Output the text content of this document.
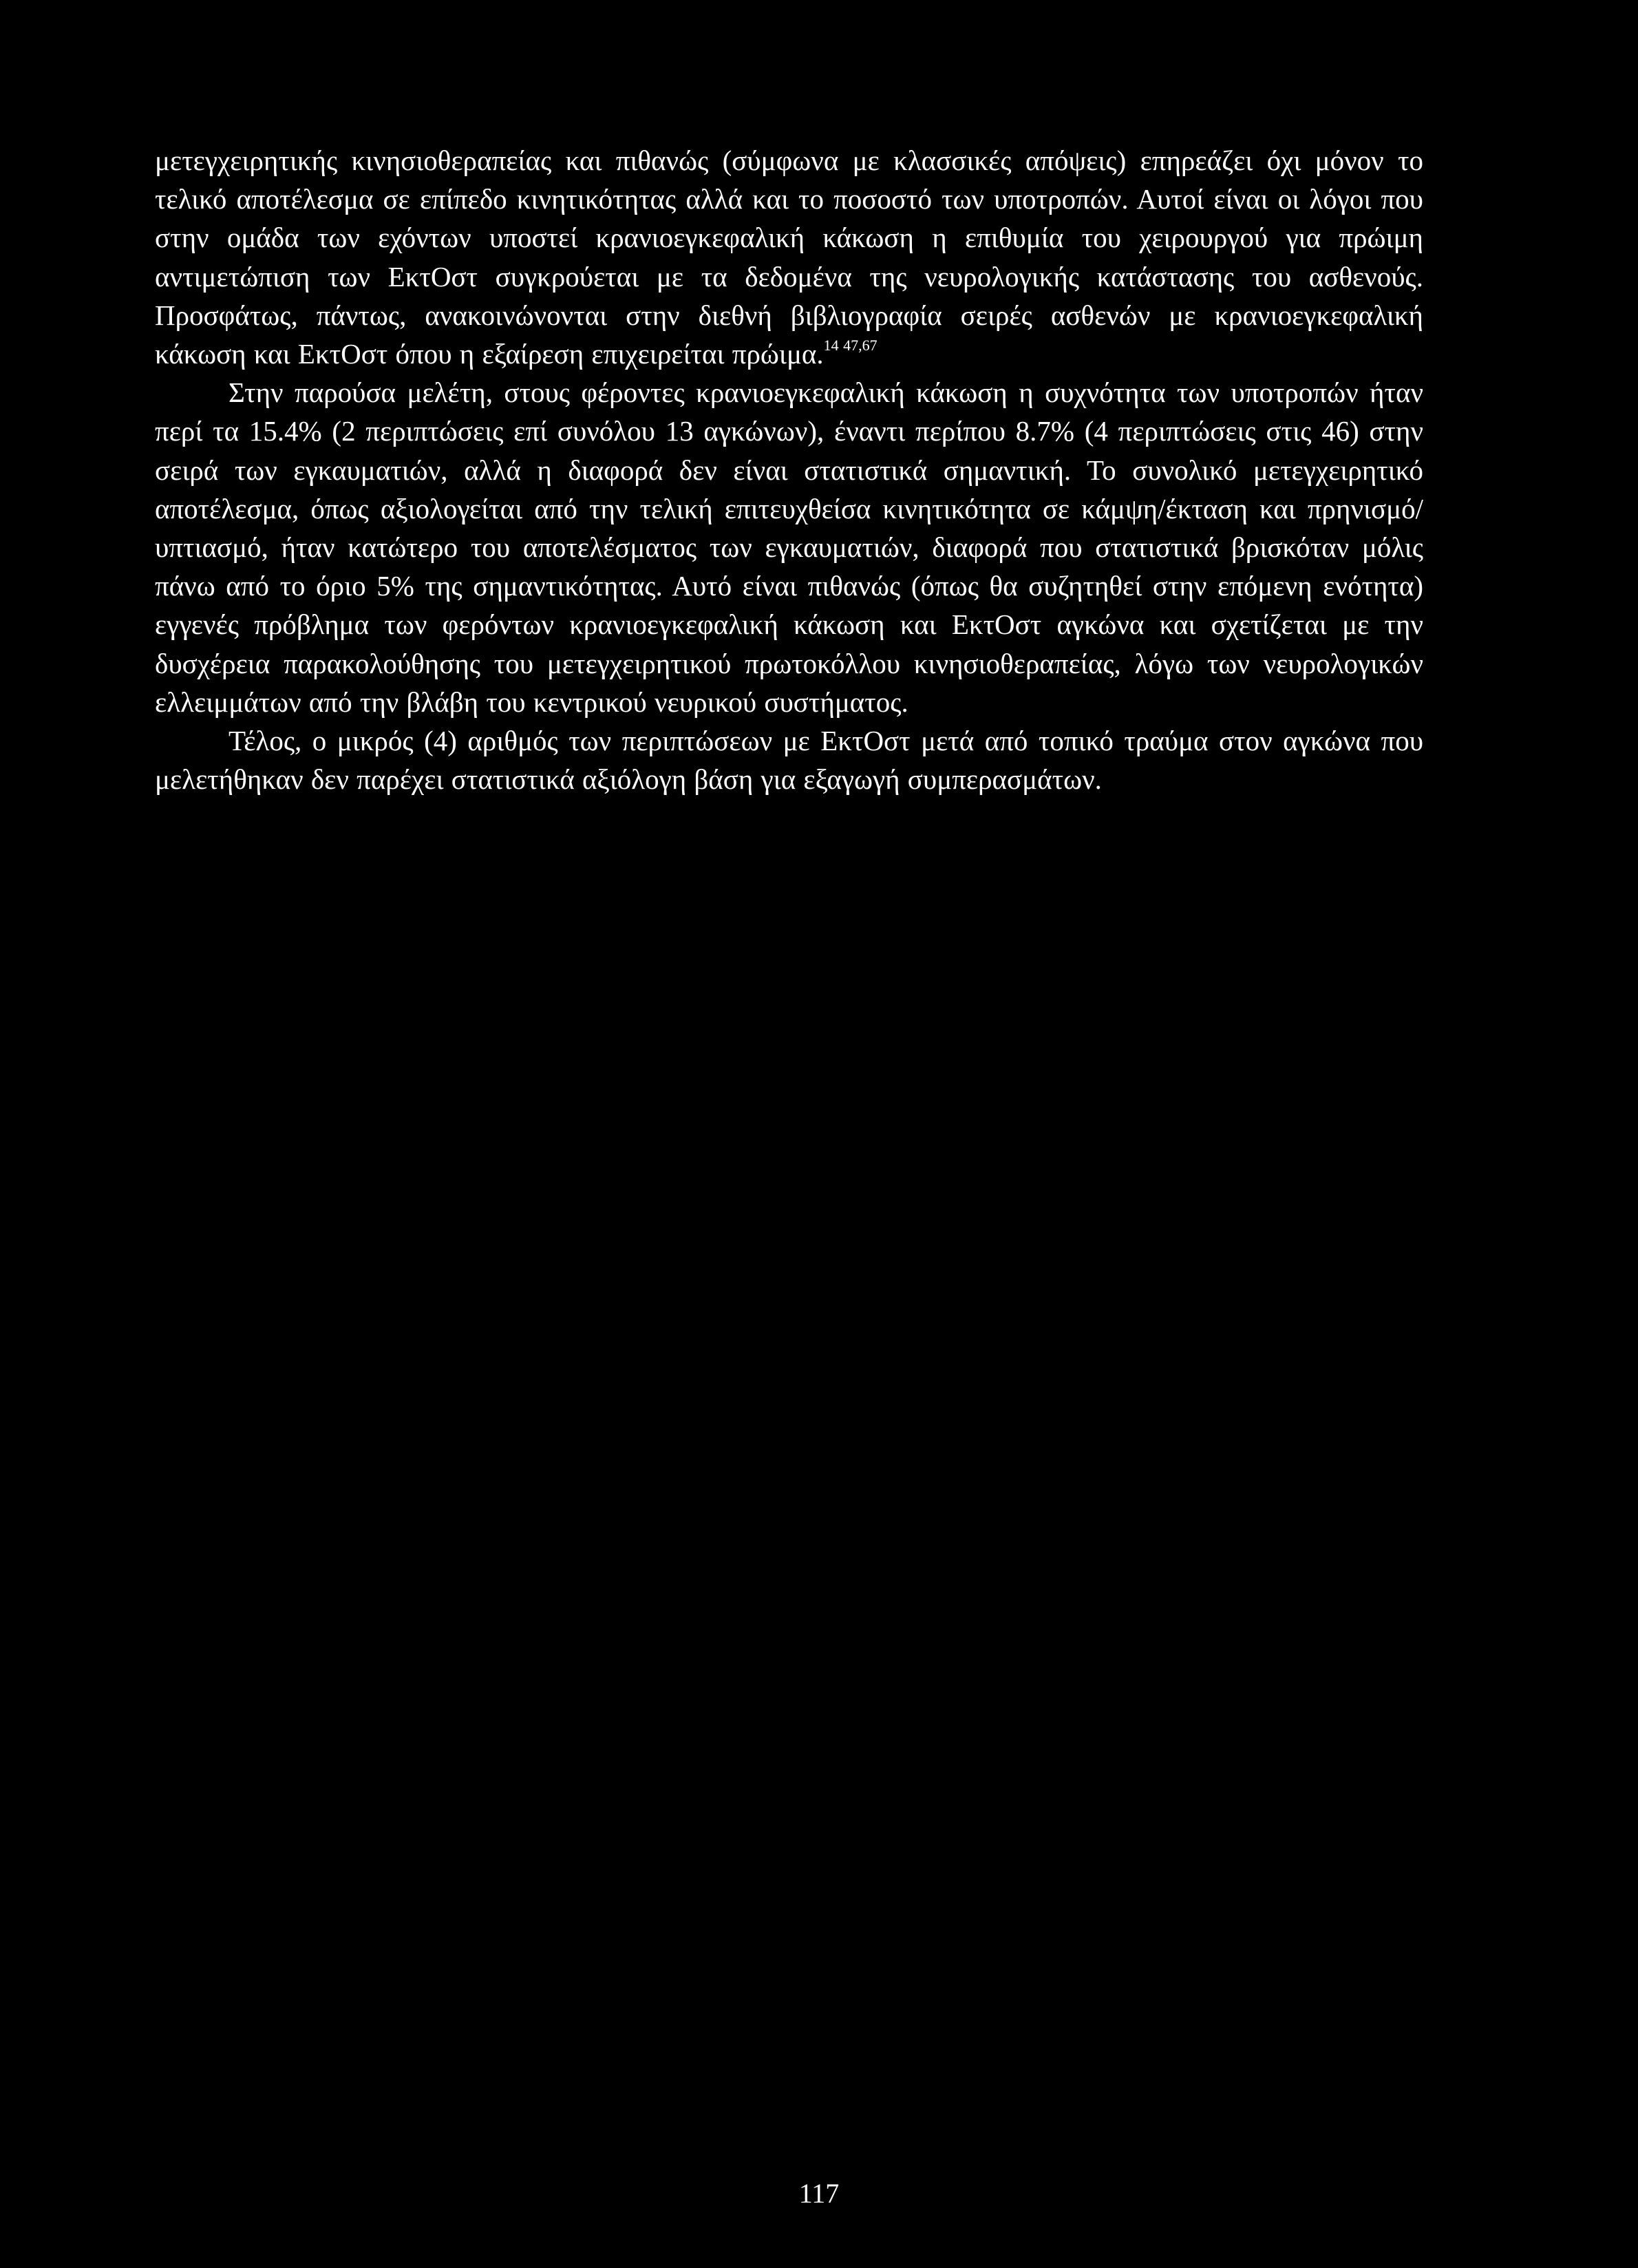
μετεγχειρητικής κινησιοθεραπείας και πιθανώς (σύμφωνα με κλασσικές απόψεις) επηρεάζει όχι μόνον το τελικό αποτέλεσμα σε επίπεδο κινητικότητας αλλά και το ποσοστό των υποτροπών. Αυτοί είναι οι λόγοι που στην ομάδα των εχόντων υποστεί κρανιοεγκεφαλική κάκωση η επιθυμία του χειρουργού για πρώιμη αντιμετώπιση των ΕκτΟστ συγκρούεται με τα δεδομένα της νευρολογικής κατάστασης του ασθενούς. Προσφάτως, πάντως, ανακοινώνονται στην διεθνή βιβλιογραφία σειρές ασθενών με κρανιοεγκεφαλική κάκωση και ΕκτΟστ όπου η εξαίρεση επιχειρείται πρώιμα.$^{14 47,67}$

Στην παρούσα μελέτη, στους φέροντες κρανιοεγκεφαλική κάκωση η συχνότητα των υποτροπών ήταν περί τα 15.4% (2 περιπτώσεις επί συνόλου 13 αγκώνων), έναντι περίπου 8.7% (4 περιπτώσεις στις 46) στην σειρά των εγκαυματιών, αλλά η διαφορά δεν είναι στατιστικά σημαντική. Το συνολικό μετεγχειρητικό αποτέλεσμα, όπως αξιολογείται από την τελική επιτευχθείσα κινητικότητα σε κάμψη/έκταση και πρηνισμό/υπτιασμό, ήταν κατώτερο του αποτελέσματος των εγκαυματιών, διαφορά που στατιστικά βρισκόταν μόλις πάνω από το όριο 5% της σημαντικότητας. Αυτό είναι πιθανώς (όπως θα συζητηθεί στην επόμενη ενότητα) εγγενές πρόβλημα των φερόντων κρανιοεγκεφαλική κάκωση και ΕκτΟστ αγκώνα και σχετίζεται με την δυσχέρεια παρακολούθησης του μετεγχειρητικού πρωτοκόλλου κινησιοθεραπείας, λόγω των νευρολογικών ελλειμμάτων από την βλάβη του κεντρικού νευρικού συστήματος.

Τέλος, ο μικρός (4) αριθμός των περιπτώσεων με ΕκτΟστ μετά από τοπικό τραύμα στον αγκώνα που μελετήθηκαν δεν παρέχει στατιστικά αξιόλογη βάση για εξαγωγή συμπερασμάτων.

117
